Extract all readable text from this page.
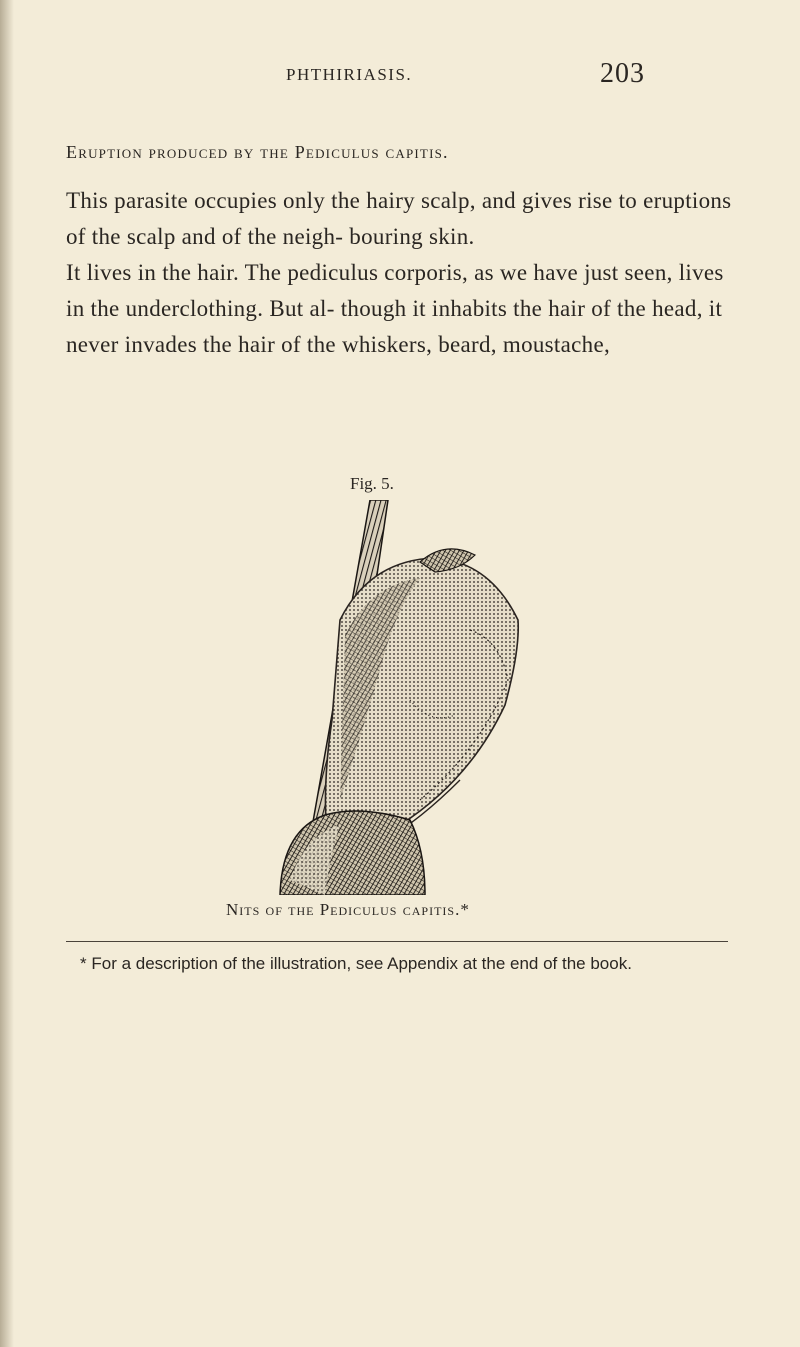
PHTHIRIASIS.	203
Eruption produced by the Pediculus capitis.

This parasite occupies only the hairy scalp, and gives rise to eruptions of the scalp and of the neigh- bouring skin.

It lives in the hair. The pediculus corporis, as we have just seen, lives in the underclothing. But al- though it inhabits the hair of the head, it never invades the hair of the whiskers, beard, moustache,

Fig. 5.
Nits of the Pediculus capitis.*
* For a description of the illustration, see Appendix at the end of the book.
